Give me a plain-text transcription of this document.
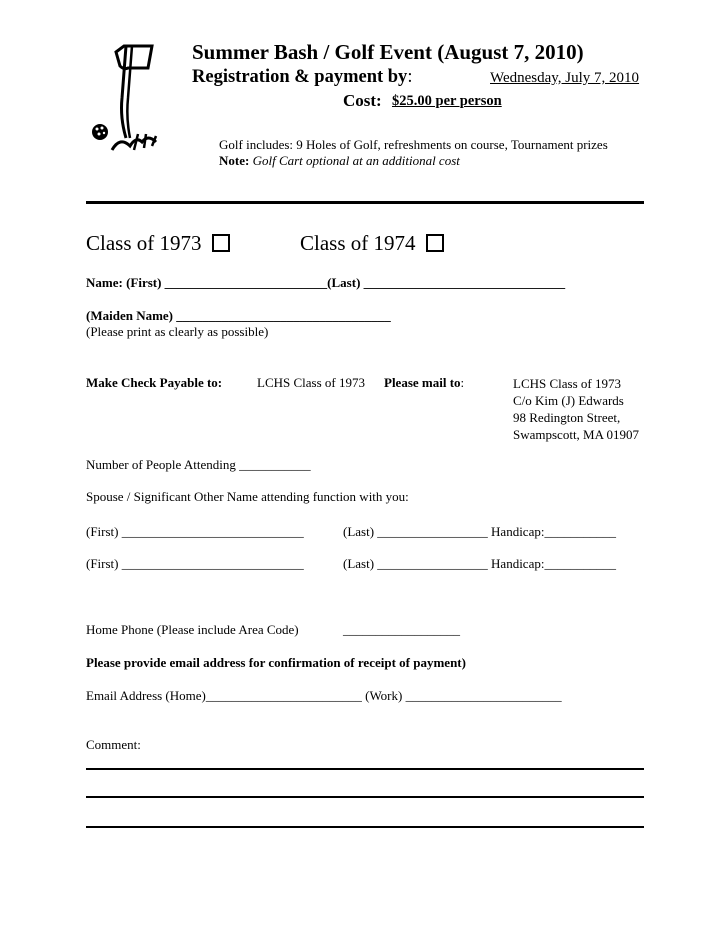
Summer Bash / Golf Event (August 7, 2010)
Registration & payment by:	Wednesday, July 7, 2010
Cost: $25.00 per person
Golf includes: 9 Holes of Golf, refreshments on course, Tournament prizes
Note: Golf Cart optional at an additional cost
Class of 1973	Class of 1974
Name: (First) _________________________(Last) _______________________________
(Maiden Name) _________________________________
(Please print as clearly as possible)
Make Check Payable to:	LCHS Class of 1973 Please mail to:	LCHS Class of 1973
C/o Kim (J) Edwards
98 Redington Street,
Swampscott, MA 01907
Number of People Attending ___________
Spouse / Significant Other Name attending function with you:
(First) ____________________________	(Last) _________________ Handicap:___________
(First) ____________________________	(Last) _________________ Handicap:___________
Home Phone (Please include Area Code)	__________________
Please provide email address for confirmation of receipt of payment)
Email Address (Home)________________________ (Work) ________________________
Comment:
